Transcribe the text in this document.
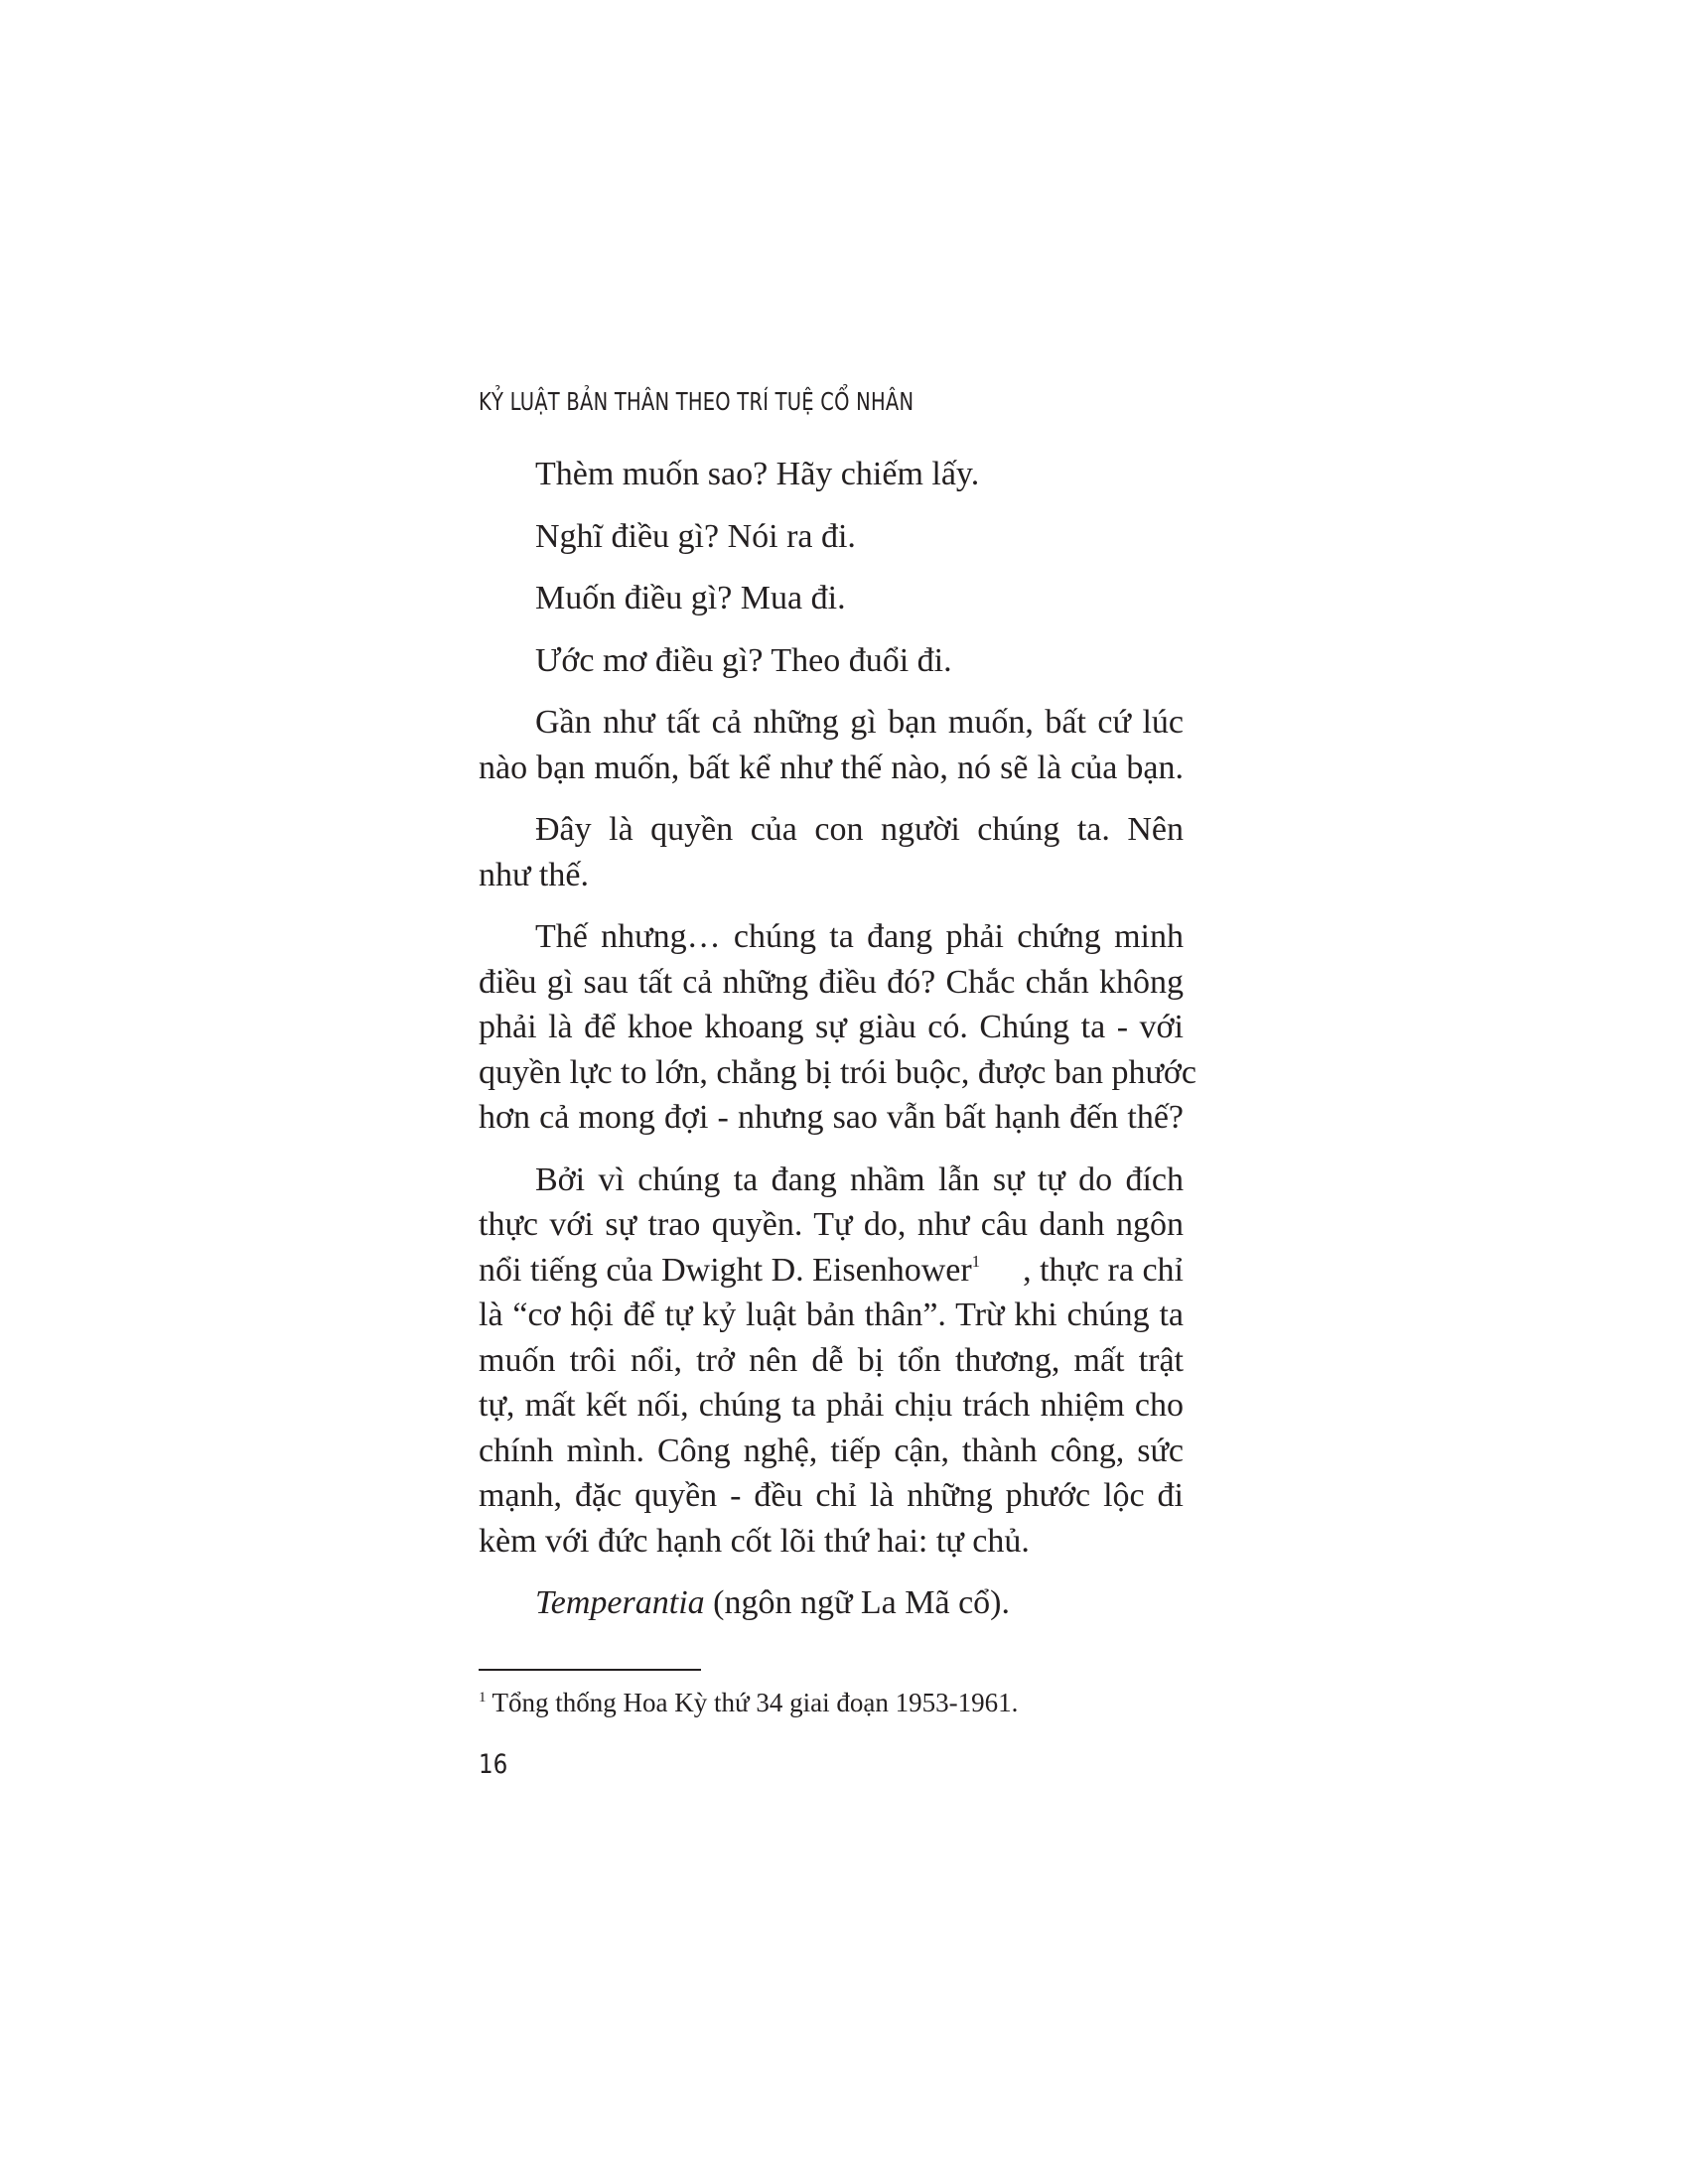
KỶ LUẬT BẢN THÂN THEO TRÍ TUỆ CỔ NHÂN
Thèm muốn sao? Hãy chiếm lấy.
Nghĩ điều gì? Nói ra đi.
Muốn điều gì? Mua đi.
Ước mơ điều gì? Theo đuổi đi.
Gần như tất cả những gì bạn muốn, bất cứ lúc
nào bạn muốn, bất kể như thế nào, nó sẽ là của bạn.
Đây là quyền của con người chúng ta. Nên
như thế.
Thế nhưng… chúng ta đang phải chứng minh
điều gì sau tất cả những điều đó? Chắc chắn không
phải là để khoe khoang sự giàu có. Chúng ta - với
quyền lực to lớn, chẳng bị trói buộc, được ban phước
hơn cả mong đợi - nhưng sao vẫn bất hạnh đến thế?
Bởi vì chúng ta đang nhầm lẫn sự tự do đích
thực với sự trao quyền. Tự do, như câu danh ngôn
nổi tiếng của Dwight D. Eisenhower$^1$ , thực ra chỉ
là “cơ hội để tự kỷ luật bản thân”. Trừ khi chúng ta
muốn trôi nổi, trở nên dễ bị tổn thương, mất trật
tự, mất kết nối, chúng ta phải chịu trách nhiệm cho
chính mình. Công nghệ, tiếp cận, thành công, sức
mạnh, đặc quyền - đều chỉ là những phước lộc đi
kèm với đức hạnh cốt lõi thứ hai: tự chủ.
Temperantia (ngôn ngữ La Mã cổ).
$^1$ Tổng thống Hoa Kỳ thứ 34 giai đoạn 1953-1961.
16
